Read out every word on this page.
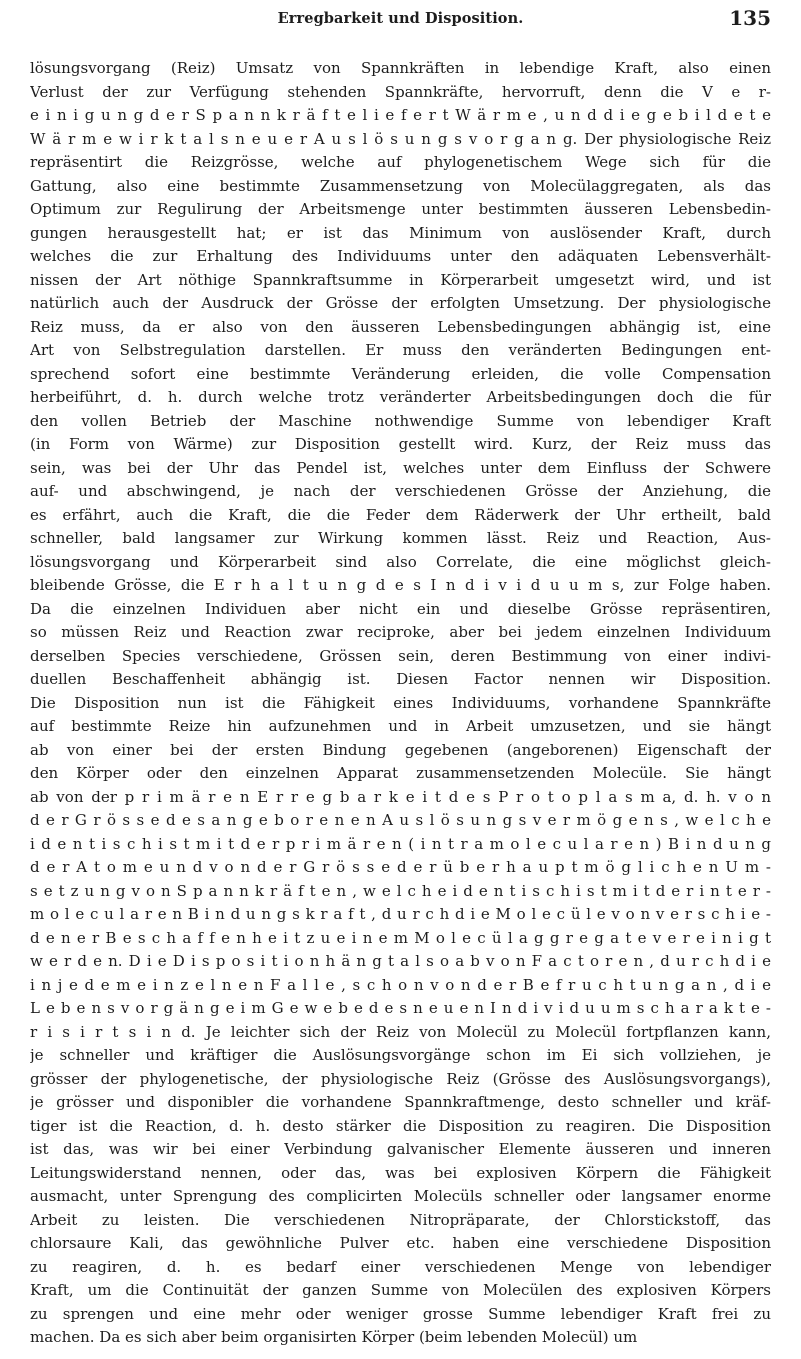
Erregbarkeit und Disposition.	135
lösungsvorgang (Reiz) Umsatz von Spannkräften in lebendige Kraft, also einen
Verlust der zur Verfügung stehenden Spannkräfte, hervorruft, denn die V e r-
e i n i g u n g d e r S p a n n k r ä f t e l i e f e r t W ä r m e , u n d d i e g e b i l d e t e
W ä r m e w i r k t a l s n e u e r A u s l ö s u n g s v o r g a n g. Der physiologische Reiz
repräsentirt die Reizgrösse, welche auf phylogenetischem Wege sich für die
Gattung, also eine bestimmte Zusammensetzung von Molecülaggregaten, als das
Optimum zur Regulirung der Arbeitsmenge unter bestimmten äusseren Lebensbedin-
gungen herausgestellt hat; er ist das Minimum von auslösender Kraft, durch
welches die zur Erhaltung des Individuums unter den adäquaten Lebensverhält-
nissen der Art nöthige Spannkraftsumme in Körperarbeit umgesetzt wird, und ist
natürlich auch der Ausdruck der Grösse der erfolgten Umsetzung. Der physiologische
Reiz muss, da er also von den äusseren Lebensbedingungen abhängig ist, eine
Art von Selbstregulation darstellen. Er muss den veränderten Bedingungen ent-
sprechend sofort eine bestimmte Veränderung erleiden, die volle Compensation
herbeiführt, d. h. durch welche trotz veränderter Arbeitsbedingungen doch die für
den vollen Betrieb der Maschine nothwendige Summe von lebendiger Kraft
(in Form von Wärme) zur Disposition gestellt wird. Kurz, der Reiz muss das
sein, was bei der Uhr das Pendel ist, welches unter dem Einfluss der Schwere
auf- und abschwingend, je nach der verschiedenen Grösse der Anziehung, die
es erfährt, auch die Kraft, die die Feder dem Räderwerk der Uhr ertheilt, bald
schneller, bald langsamer zur Wirkung kommen lässt. Reiz und Reaction, Aus-
lösungsvorgang und Körperarbeit sind also Correlate, die eine möglichst gleich-
bleibende Grösse, die E r h a l t u n g d e s I n d i v i d u u m s, zur Folge haben.
Da die einzelnen Individuen aber nicht ein und dieselbe Grösse repräsentiren,
so müssen Reiz und Reaction zwar reciproke, aber bei jedem einzelnen Individuum
derselben Species verschiedene, Grössen sein, deren Bestimmung von einer indivi-
duellen Beschaffenheit abhängig ist. Diesen Factor nennen wir Disposition.
Die Disposition nun ist die Fähigkeit eines Individuums, vorhandene Spannkräfte
auf bestimmte Reize hin aufzunehmen und in Arbeit umzusetzen, und sie hängt
ab von einer bei der ersten Bindung gegebenen (angeborenen) Eigenschaft der
den Körper oder den einzelnen Apparat zusammensetzenden Molecüle. Sie hängt
ab von der p r i m ä r e n E r r e g b a r k e i t d e s P r o t o p l a s m a, d. h. v o n
d e r G r ö s s e d e s a n g e b o r e n e n A u s l ö s u n g s v e r m ö g e n s , w e l c h e
i d e n t i s c h i s t m i t d e r p r i m ä r e n ( i n t r a m o l e c u l a r e n ) B i n d u n g
d e r A t o m e u n d v o n d e r G r ö s s e d e r ü b e r h a u p t m ö g l i c h e n U m -
s e t z u n g v o n S p a n n k r ä f t e n , w e l c h e i d e n t i s c h i s t m i t d e r i n t e r -
m o l e c u l a r e n B i n d u n g s k r a f t , d u r c h d i e M o l e c ü l e v o n v e r s c h i e -
d e n e r B e s c h a f f e n h e i t z u e i n e m M o l e c ü l a g g r e g a t e v e r e i n i g t
w e r d e n. D i e D i s p o s i t i o n h ä n g t a l s o a b v o n F a c t o r e n , d u r c h d i e
i n j e d e m e i n z e l n e n F a l l e , s c h o n v o n d e r B e f r u c h t u n g a n , d i e
L e b e n s v o r g ä n g e i m G e w e b e d e s n e u e n I n d i v i d u u m s c h a r a k t e -
r i s i r t s i n d. Je leichter sich der Reiz von Molecül zu Molecül fortpflanzen kann,
je schneller und kräftiger die Auslösungsvorgänge schon im Ei sich vollziehen, je
grösser der phylogenetische, der physiologische Reiz (Grösse des Auslösungsvorgangs),
je grösser und disponibler die vorhandene Spannkraftmenge, desto schneller und kräf-
tiger ist die Reaction, d. h. desto stärker die Disposition zu reagiren. Die Disposition
ist das, was wir bei einer Verbindung galvanischer Elemente äusseren und inneren
Leitungswiderstand nennen, oder das, was bei explosiven Körpern die Fähigkeit
ausmacht, unter Sprengung des complicirten Molecüls schneller oder langsamer enorme
Arbeit zu leisten. Die verschiedenen Nitropräparate, der Chlorstickstoff, das
chlorsaure Kali, das gewöhnliche Pulver etc. haben eine verschiedene Disposition
zu reagiren, d. h. es bedarf einer verschiedenen Menge von lebendiger
Kraft, um die Continuität der ganzen Summe von Molecülen des explosiven Körpers
zu sprengen und eine mehr oder weniger grosse Summe lebendiger Kraft frei zu
machen. Da es sich aber beim organisirten Körper (beim lebenden Molecül) um
